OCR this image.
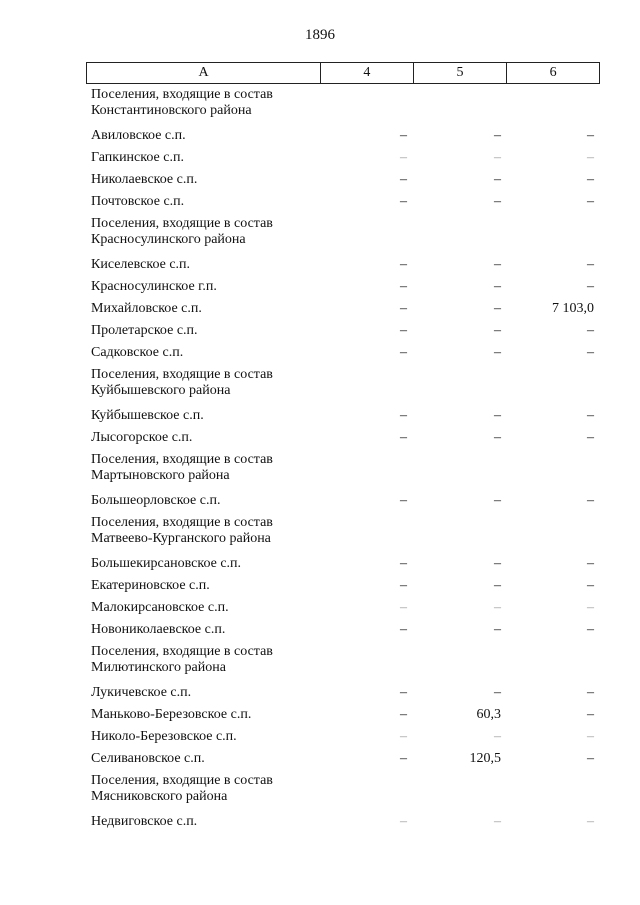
1896
А	4	5	6
Поселения, входящие в состав
Константиновского района
Авиловское с.п.	–	–	–
Гапкинское с.п.	–	–	–
Николаевское с.п.	–	–	–
Почтовское с.п.	–	–	–
Поселения, входящие в состав
Красносулинского района
Киселевское с.п.	–	–	–
Красносулинское г.п.	–	–	–
Михайловское с.п.	–	–	7 103,0
Пролетарское с.п.	–	–	–
Садковское с.п.	–	–	–
Поселения, входящие в состав
Куйбышевского района
Куйбышевское с.п.	–	–	–
Лысогорское с.п.	–	–	–
Поселения, входящие в состав
Мартыновского района
Большеорловское с.п.	–	–	–
Поселения, входящие в состав
Матвеево-Курганского района
Большекирсановское с.п.	–	–	–
Екатериновское с.п.	–	–	–
Малокирсановское с.п.	–	–	–
Новониколаевское с.п.	–	–	–
Поселения, входящие в состав
Милютинского района
Лукичевское с.п.	–	–	–
Маньково-Березовское с.п.	–	60,3	–
Николо-Березовское с.п.	–	–	–
Селивановское с.п.	–	120,5	–
Поселения, входящие в состав
Мясниковского района
Недвиговское с.п.	–	–	–
